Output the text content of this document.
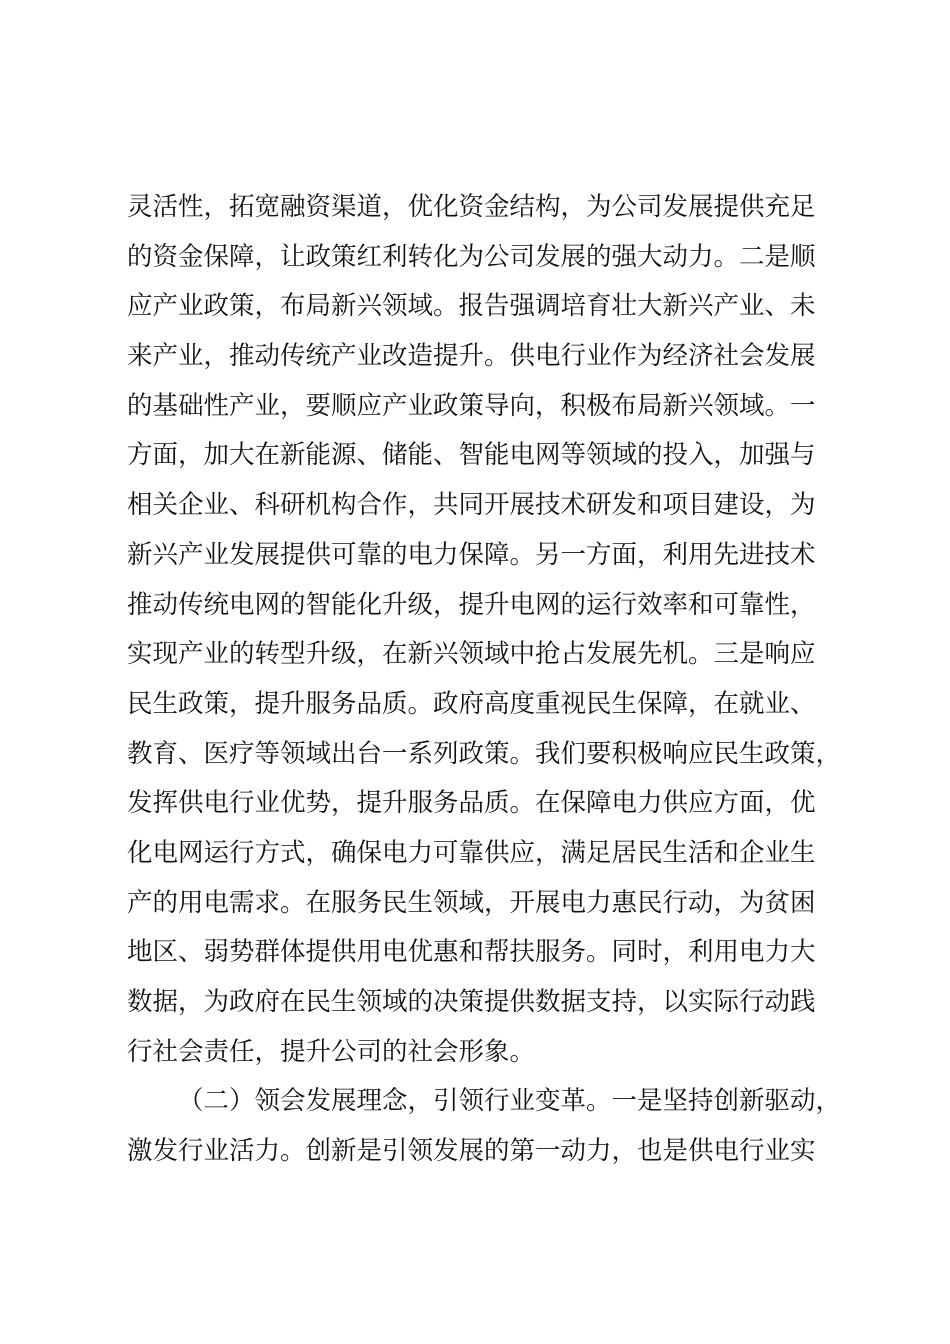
灵活性，拓宽融资渠道，优化资金结构，为公司发展提供充足
的资金保障，让政策红利转化为公司发展的强大动力。二是顺
应产业政策，布局新兴领域。报告强调培育壮大新兴产业、未
来产业，推动传统产业改造提升。供电行业作为经济社会发展
的基础性产业，要顺应产业政策导向，积极布局新兴领域。一
方面，加大在新能源、储能、智能电网等领域的投入，加强与
相关企业、科研机构合作，共同开展技术研发和项目建设，为
新兴产业发展提供可靠的电力保障。另一方面，利用先进技术
推动传统电网的智能化升级，提升电网的运行效率和可靠性，
实现产业的转型升级，在新兴领域中抢占发展先机。三是响应
民生政策，提升服务品质。政府高度重视民生保障，在就业、
教育、医疗等领域出台一系列政策。我们要积极响应民生政策，
发挥供电行业优势，提升服务品质。在保障电力供应方面，优
化电网运行方式，确保电力可靠供应，满足居民生活和企业生
产的用电需求。在服务民生领域，开展电力惠民行动，为贫困
地区、弱势群体提供用电优惠和帮扶服务。同时，利用电力大
数据，为政府在民生领域的决策提供数据支持，以实际行动践
行社会责任，提升公司的社会形象。
（二）领会发展理念，引领行业变革。一是坚持创新驱动，
激发行业活力。创新是引领发展的第一动力，也是供电行业实
